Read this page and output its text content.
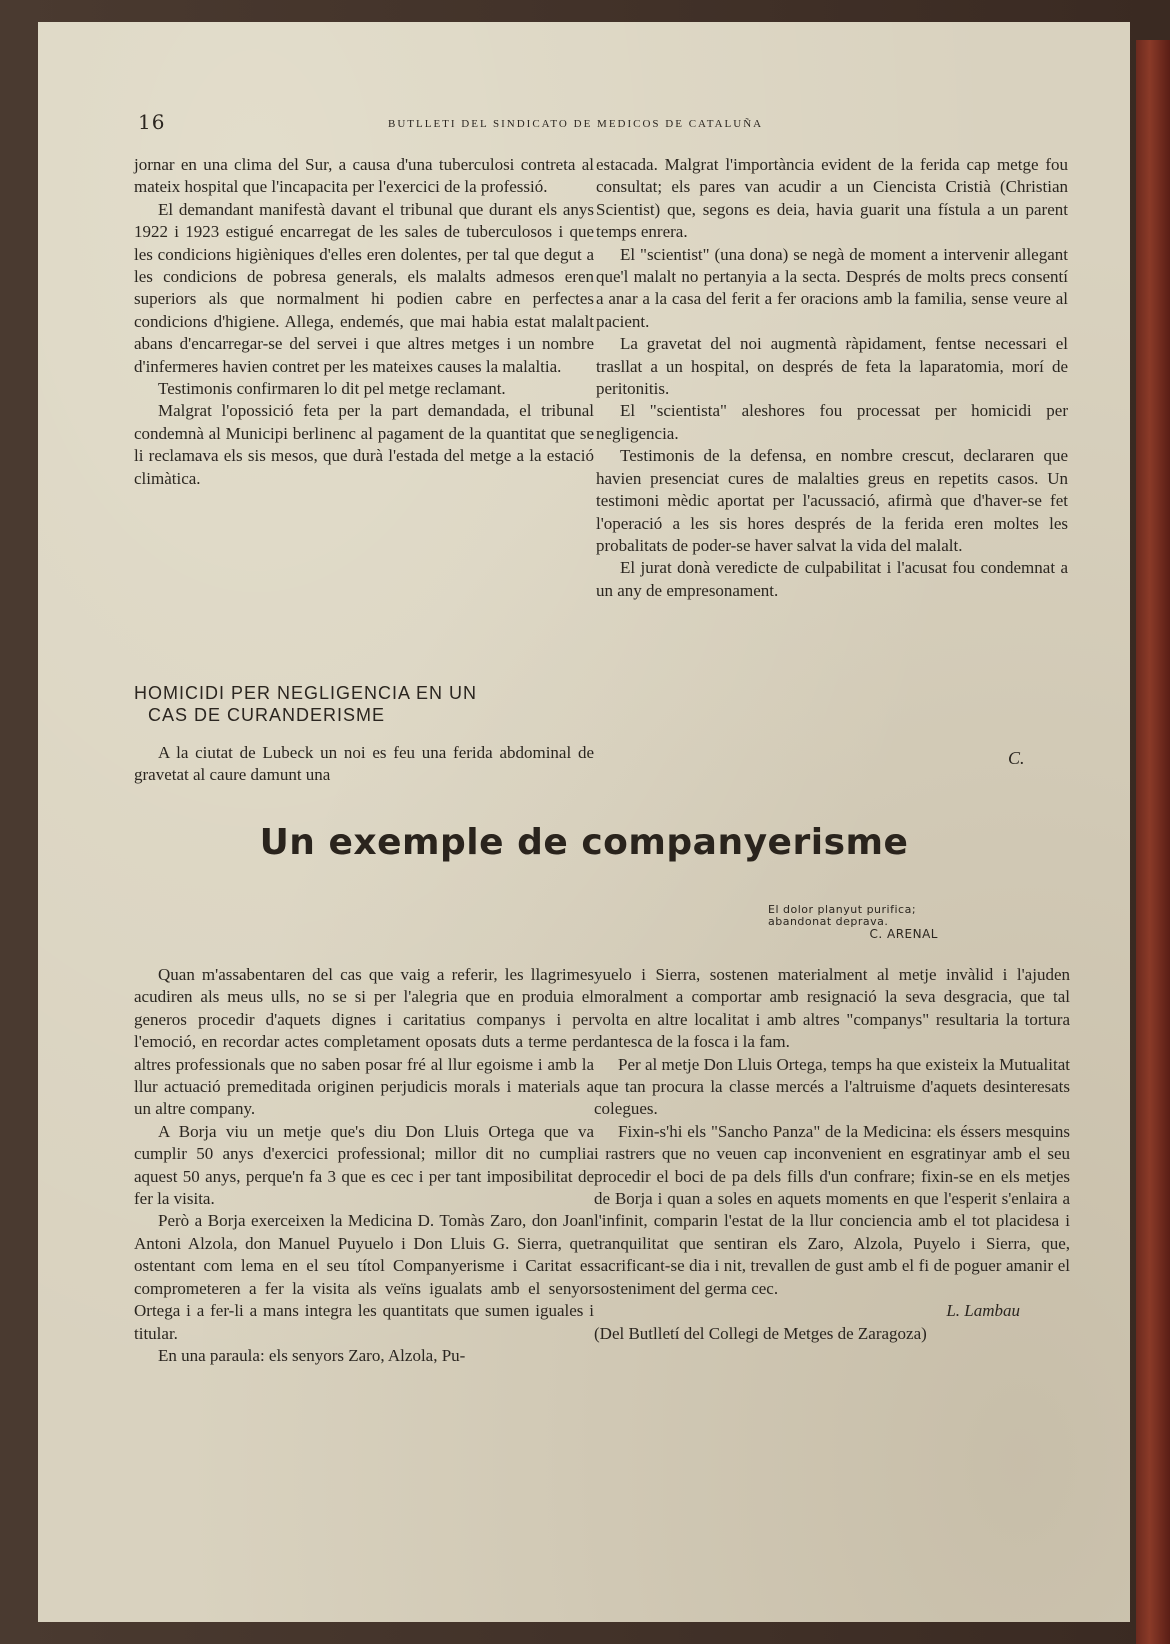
16	BUTLLETI DEL SINDICATO DE MEDICOS DE CATALUÑA

jornar en una clima del Sur, a causa d'una tuberculosi contreta al mateix hospital que l'incapacita per l'exercici de la professió.

El demandant manifestà davant el tribunal que durant els anys 1922 i 1923 estigué encarregat de les sales de tuberculosos i que les condicions higièniques d'elles eren dolentes, per tal que degut a les condicions de pobresa generals, els malalts admesos eren superiors als que normalment hi podien cabre en perfectes condicions d'higiene. Allega, endemés, que mai habia estat malalt abans d'encarregar-se del servei i que altres metges i un nombre d'infermeres havien contret per les mateixes causes la malaltia.

Testimonis confirmaren lo dit pel metge reclamant.

Malgrat l'opossició feta per la part demandada, el tribunal condemnà al Municipi berlinenc al pagament de la quantitat que se li reclamava els sis mesos, que durà l'estada del metge a la estació climàtica.

HOMICIDI PER NEGLIGENCIA EN UN
CAS DE CURANDERISME

A la ciutat de Lubeck un noi es feu una ferida abdominal de gravetat al caure damunt una

estacada. Malgrat l'importància evident de la ferida cap metge fou consultat; els pares van acudir a un Ciencista Cristià (Christian Scientist) que, segons es deia, havia guarit una fístula a un parent temps enrera.

El "scientist" (una dona) se negà de moment a intervenir allegant que'l malalt no pertanyia a la secta. Després de molts precs consentí a anar a la casa del ferit a fer oracions amb la familia, sense veure al pacient.

La gravetat del noi augmentà ràpidament, fentse necessari el trasllat a un hospital, on després de feta la laparatomia, morí de peritonitis.

El "scientista" aleshores fou processat per homicidi per negligencia.

Testimonis de la defensa, en nombre crescut, declararen que havien presenciat cures de malalties greus en repetits casos. Un testimoni mèdic aportat per l'acussació, afirmà que d'haver-se fet l'operació a les sis hores després de la ferida eren moltes les probalitats de poder-se haver salvat la vida del malalt.

El jurat donà veredicte de culpabilitat i l'acusat fou condemnat a un any de empresonament.

C.
Un exemple de companyerisme
El dolor planyut purifica;
abandonat deprava.
C. ARENAL

Quan m'assabentaren del cas que vaig a referir, les llagrimes acudiren als meus ulls, no se si per l'alegria que en produia el generos procedir d'aquets dignes i caritatius companys i per l'emoció, en recordar actes completament oposats duts a terme per altres professionals que no saben posar fré al llur egoisme i amb la llur actuació premeditada originen perjudicis morals i materials a un altre company.

A Borja viu un metje que's diu Don Lluis Ortega que va cumplir 50 anys d'exercici professional; millor dit no cumplia aquest 50 anys, perque'n fa 3 que es cec i per tant imposibilitat de fer la visita.

Però a Borja exerceixen la Medicina D. Tomàs Zaro, don Joan Antoni Alzola, don Manuel Puyuelo i Don Lluis G. Sierra, que ostentant com lema en el seu títol Companyerisme i Caritat es comprometeren a fer la visita als veïns igualats amb el senyor Ortega i a fer-li a mans integra les quantitats que sumen iguales i titular.

En una paraula: els senyors Zaro, Alzola, Pu-

yuelo i Sierra, sostenen materialment al metje invàlid i l'ajuden moralment a comportar amb resignació la seva desgracia, que tal volta en altre localitat i amb altres "companys" resultaria la tortura dantesca de la fosca i la fam.

Per al metje Don Lluis Ortega, temps ha que existeix la Mutualitat que tan procura la classe mercés a l'altruisme d'aquets desinteresats colegues.

Fixin-s'hi els "Sancho Panza" de la Medicina: els éssers mesquins i rastrers que no veuen cap inconvenient en esgratinyar amb el seu procedir el boci de pa dels fills d'un confrare; fixin-se en els metjes de Borja i quan a soles en aquets moments en que l'esperit s'enlaira a l'infinit, comparin l'estat de la llur conciencia amb el tot placidesa i tranquilitat que sentiran els Zaro, Alzola, Puyelo i Sierra, que, sacrificant-se dia i nit, trevallen de gust amb el fi de poguer amanir el sosteniment del germa cec.

L. Lambau

(Del Butlletí del Collegi de Metges de Zaragoza)
